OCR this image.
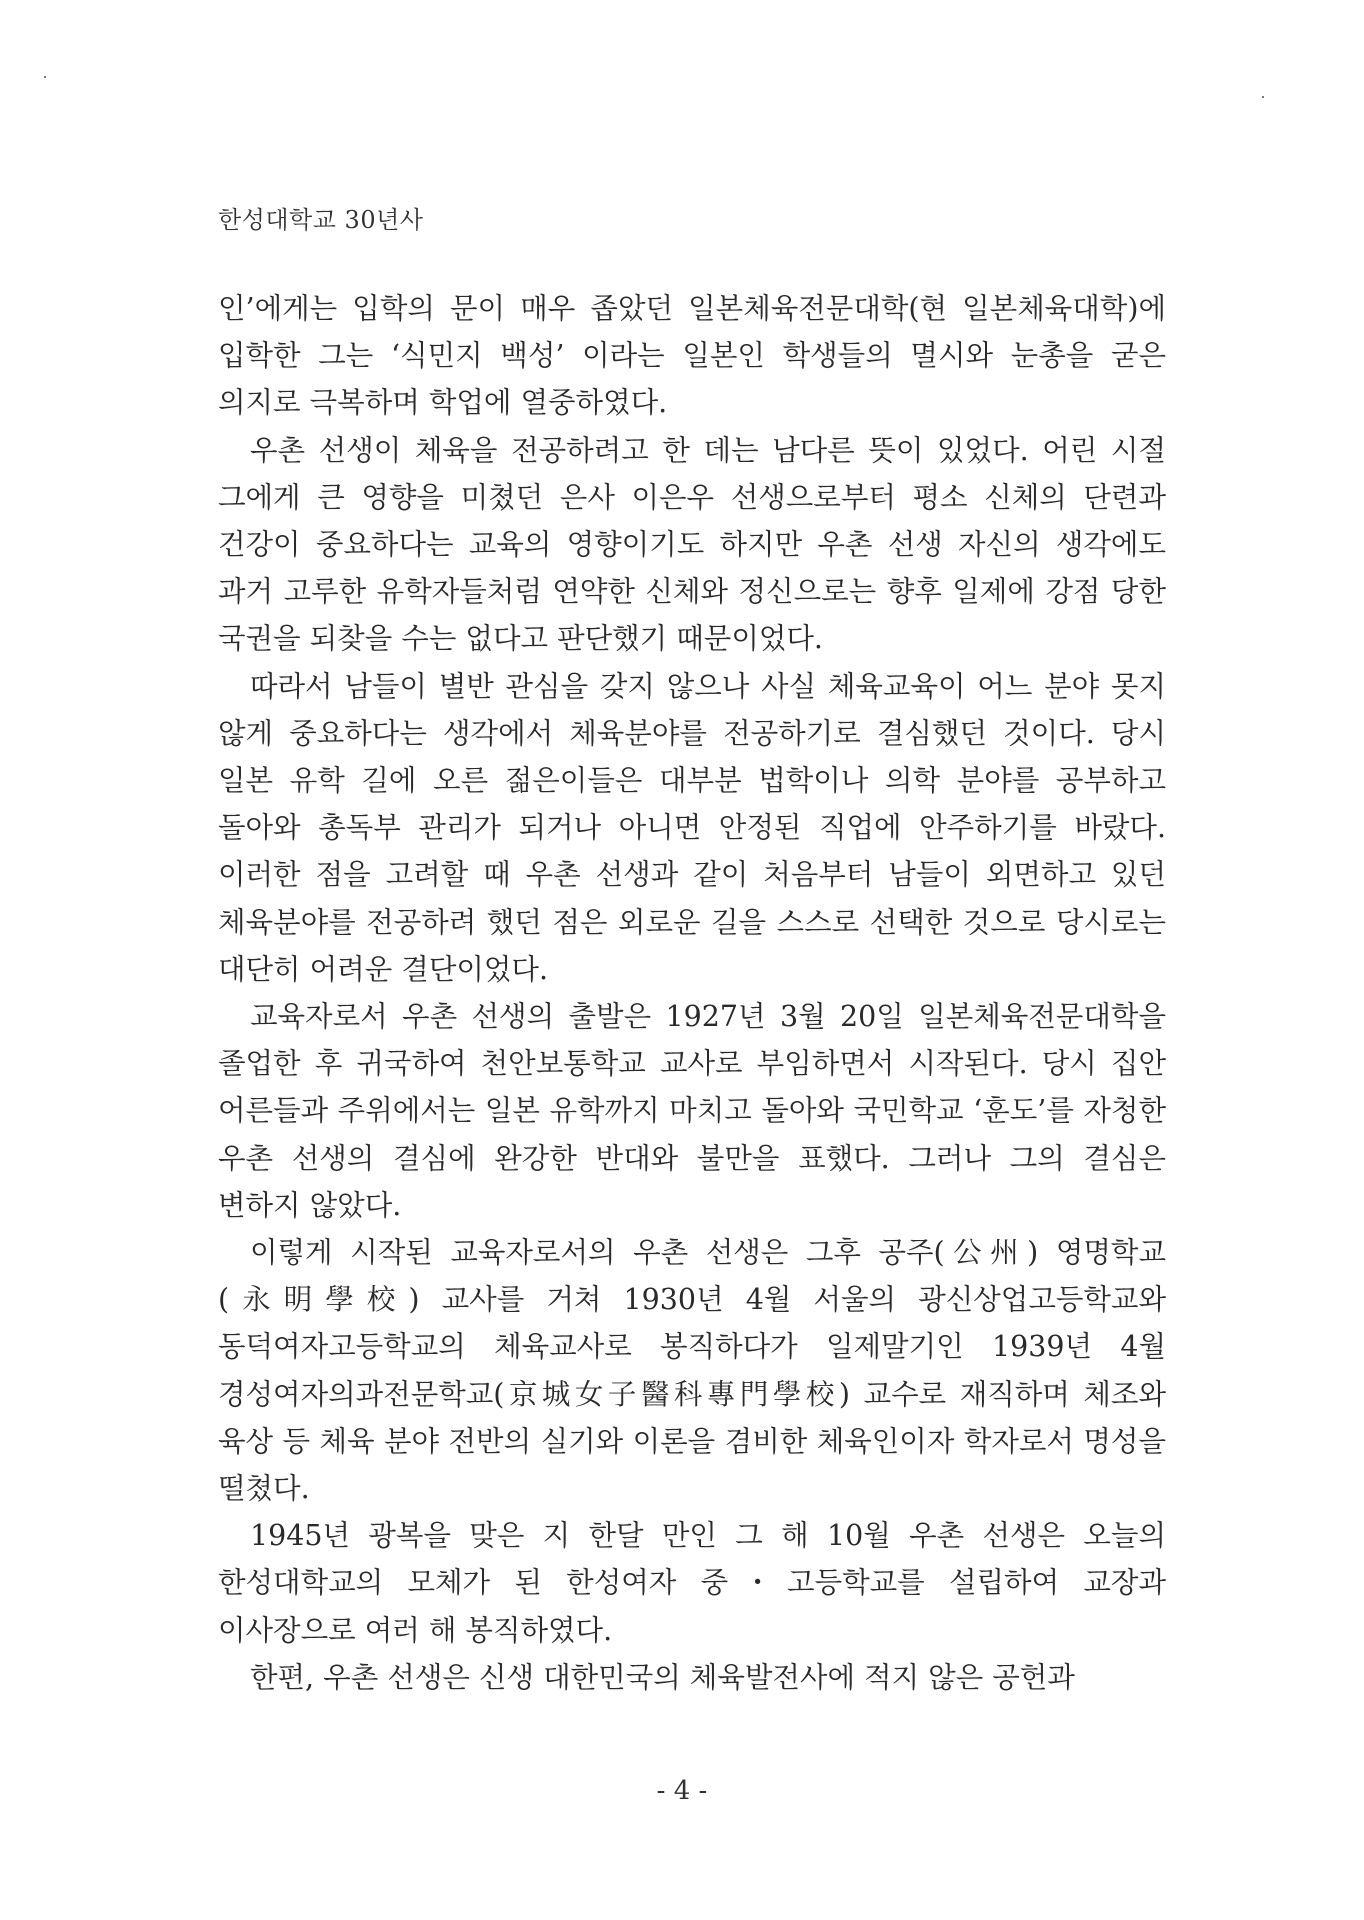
한성대학교 30년사

인’에게는 입학의 문이 매우 좁았던 일본체육전문대학(현 일본체육대학)에 입학한 그는 ‘식민지 백성’ 이라는 일본인 학생들의 멸시와 눈총을 굳은 의지로 극복하며 학업에 열중하였다.

우촌 선생이 체육을 전공하려고 한 데는 남다른 뜻이 있었다. 어린 시절 그에게 큰 영향을 미쳤던 은사 이은우 선생으로부터 평소 신체의 단련과 건강이 중요하다는 교육의 영향이기도 하지만 우촌 선생 자신의 생각에도 과거 고루한 유학자들처럼 연약한 신체와 정신으로는 향후 일제에 강점 당한 국권을 되찾을 수는 없다고 판단했기 때문이었다.

따라서 남들이 별반 관심을 갖지 않으나 사실 체육교육이 어느 분야 못지 않게 중요하다는 생각에서 체육분야를 전공하기로 결심했던 것이다. 당시 일본 유학 길에 오른 젊은이들은 대부분 법학이나 의학 분야를 공부하고 돌아와 총독부 관리가 되거나 아니면 안정된 직업에 안주하기를 바랐다. 이러한 점을 고려할 때 우촌 선생과 같이 처음부터 남들이 외면하고 있던 체육분야를 전공하려 했던 점은 외로운 길을 스스로 선택한 것으로 당시로는 대단히 어려운 결단이었다.

교육자로서 우촌 선생의 출발은 1927년 3월 20일 일본체육전문대학을 졸업한 후 귀국하여 천안보통학교 교사로 부임하면서 시작된다. 당시 집안 어른들과 주위에서는 일본 유학까지 마치고 돌아와 국민학교 ‘훈도’를 자청한 우촌 선생의 결심에 완강한 반대와 불만을 표했다. 그러나 그의 결심은 변하지 않았다.

이렇게 시작된 교육자로서의 우촌 선생은 그후 공주(公州) 영명학교(永明學校) 교사를 거쳐 1930년 4월 서울의 광신상업고등학교와 동덕여자고등학교의 체육교사로 봉직하다가 일제말기인 1939년 4월 경성여자의과전문학교(京城女子醫科專門學校) 교수로 재직하며 체조와 육상 등 체육 분야 전반의 실기와 이론을 겸비한 체육인이자 학자로서 명성을 떨쳤다.

1945년 광복을 맞은 지 한달 만인 그 해 10월 우촌 선생은 오늘의 한성대학교의 모체가 된 한성여자 중・고등학교를 설립하여 교장과 이사장으로 여러 해 봉직하였다.

한편, 우촌 선생은 신생 대한민국의 체육발전사에 적지 않은 공헌과

- 4 -
